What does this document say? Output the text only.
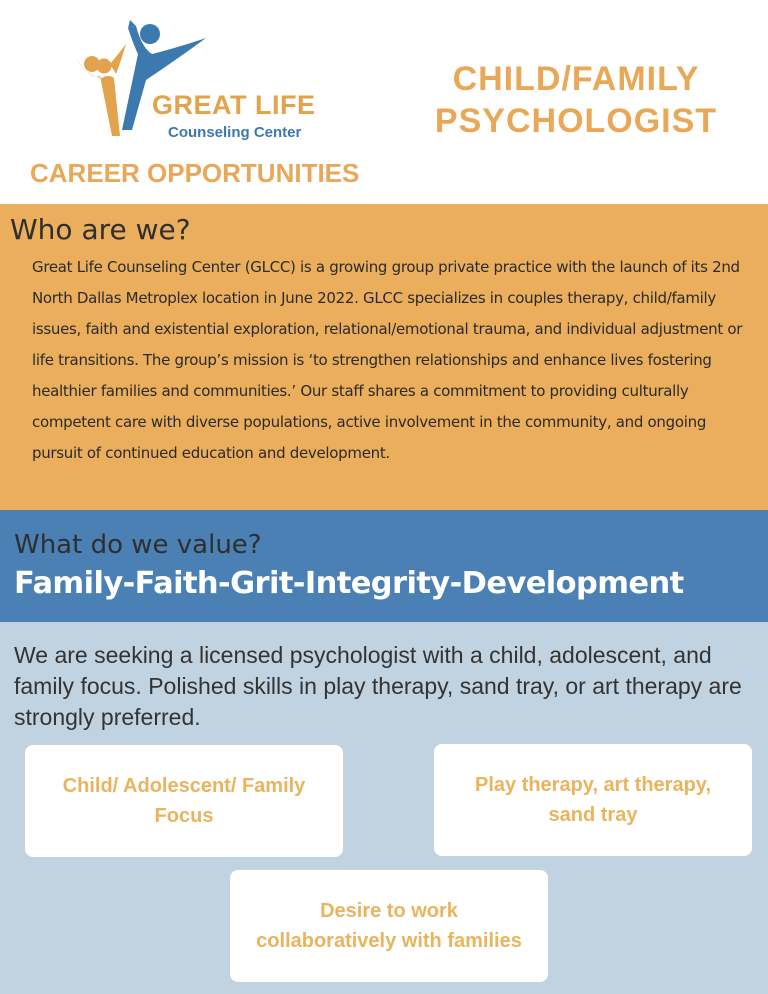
GREAT LIFE
Counseling Center
CAREER OPPORTUNITIES
CHILD/FAMILY
PSYCHOLOGIST
Who are we?
Great Life Counseling Center (GLCC) is a growing group private practice with the launch of its 2nd North Dallas Metroplex location in June 2022. GLCC specializes in couples therapy, child/family issues, faith and existential exploration, relational/emotional trauma, and individual adjustment or life transitions. The group’s mission is ‘to strengthen relationships and enhance lives fostering healthier families and communities.’ Our staff shares a commitment to providing culturally competent care with diverse populations, active involvement in the community, and ongoing pursuit of continued education and development.
What do we value?
Family-Faith-Grit-Integrity-Development
We are seeking a licensed psychologist with a child, adolescent, and family focus. Polished skills in play therapy, sand tray, or art therapy are strongly preferred.
Child/ Adolescent/ Family Focus
Play therapy, art therapy, sand tray
Desire to work collaboratively with families
